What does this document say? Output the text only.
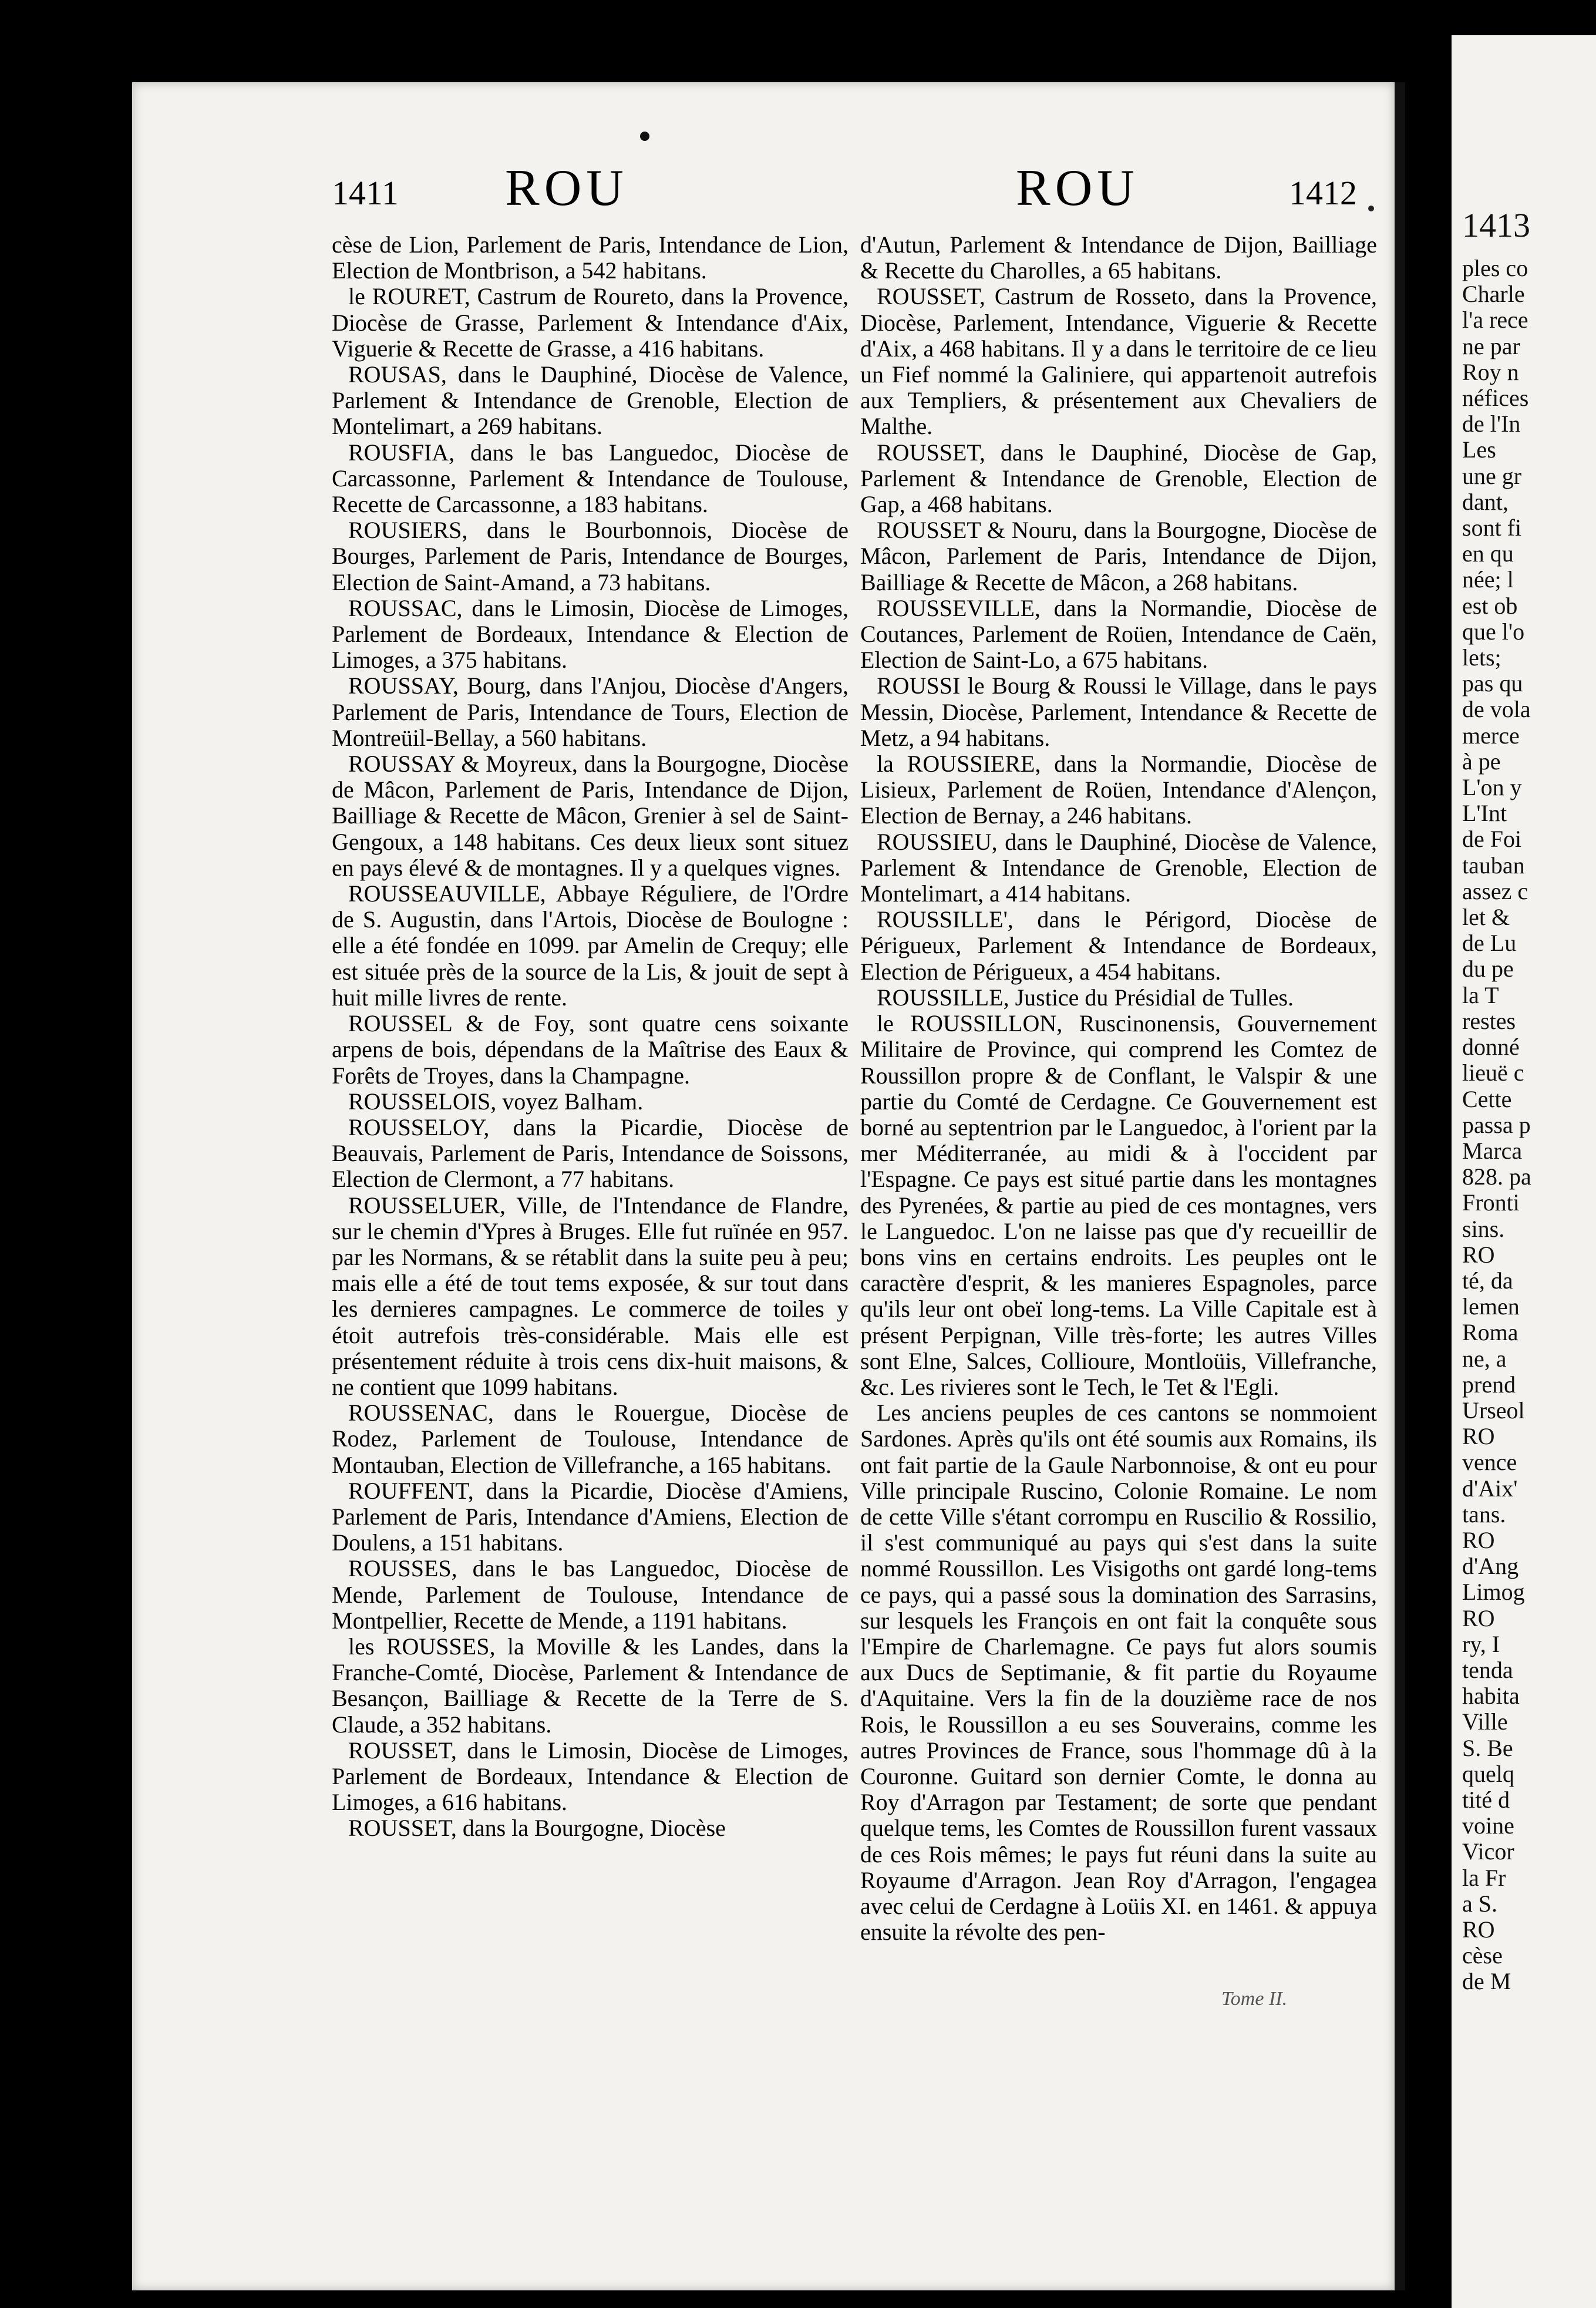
1411 ROU	ROU	1412

cèse de Lion, Parlement de Paris, Intendance de Lion, Election de Montbrison, a 542 habitans.

le ROURET, Castrum de Roureto, dans la Provence, Diocèse de Grasse, Parlement & Intendance d'Aix, Viguerie & Recette de Grasse, a 416 habitans.

ROUSAS, dans le Dauphiné, Diocèse de Valence, Parlement & Intendance de Grenoble, Election de Montelimart, a 269 habitans.

ROUSFIA, dans le bas Languedoc, Diocèse de Carcassonne, Parlement & Intendance de Toulouse, Recette de Carcassonne, a 183 habitans.

ROUSIERS, dans le Bourbonnois, Diocèse de Bourges, Parlement de Paris, Intendance de Bourges, Election de Saint-Amand, a 73 habitans.

ROUSSAC, dans le Limosin, Diocèse de Limoges, Parlement de Bordeaux, Intendance & Election de Limoges, a 375 habitans.

ROUSSAY, Bourg, dans l'Anjou, Diocèse d'Angers, Parlement de Paris, Intendance de Tours, Election de Montreüil-Bellay, a 560 habitans.

ROUSSAY & Moyreux, dans la Bourgogne, Diocèse de Mâcon, Parlement de Paris, Intendance de Dijon, Bailliage & Recette de Mâcon, Grenier à sel de Saint-Gengoux, a 148 habitans. Ces deux lieux sont situez en pays élevé & de montagnes. Il y a quelques vignes.

ROUSSEAUVILLE, Abbaye Réguliere, de l'Ordre de S. Augustin, dans l'Artois, Diocèse de Boulogne : elle a été fondée en 1099. par Amelin de Crequy; elle est située près de la source de la Lis, & jouit de sept à huit mille livres de rente.

ROUSSEL & de Foy, sont quatre cens soixante arpens de bois, dépendans de la Maîtrise des Eaux & Forêts de Troyes, dans la Champagne.

ROUSSELOIS, voyez Balham.

ROUSSELOY, dans la Picardie, Diocèse de Beauvais, Parlement de Paris, Intendance de Soissons, Election de Clermont, a 77 habitans.

ROUSSELUER, Ville, de l'Intendance de Flandre, sur le chemin d'Ypres à Bruges. Elle fut ruïnée en 957. par les Normans, & se rétablit dans la suite peu à peu; mais elle a été de tout tems exposée, & sur tout dans les dernieres campagnes. Le commerce de toiles y étoit autrefois très-considérable. Mais elle est présentement réduite à trois cens dix-huit maisons, & ne contient que 1099 habitans.

ROUSSENAC, dans le Rouergue, Diocèse de Rodez, Parlement de Toulouse, Intendance de Montauban, Election de Villefranche, a 165 habitans.

ROUFFENT, dans la Picardie, Diocèse d'Amiens, Parlement de Paris, Intendance d'Amiens, Election de Doulens, a 151 habitans.

ROUSSES, dans le bas Languedoc, Diocèse de Mende, Parlement de Toulouse, Intendance de Montpellier, Recette de Mende, a 1191 habitans.

les ROUSSES, la Moville & les Landes, dans la Franche-Comté, Diocèse, Parlement & Intendance de Besançon, Bailliage & Recette de la Terre de S. Claude, a 352 habitans.

ROUSSET, dans le Limosin, Diocèse de Limoges, Parlement de Bordeaux, Intendance & Election de Limoges, a 616 habitans.

ROUSSET, dans la Bourgogne, Diocèse

d'Autun, Parlement & Intendance de Dijon, Bailliage & Recette du Charolles, a 65 habitans.

ROUSSET, Castrum de Rosseto, dans la Provence, Diocèse, Parlement, Intendance, Viguerie & Recette d'Aix, a 468 habitans. Il y a dans le territoire de ce lieu un Fief nommé la Galiniere, qui appartenoit autrefois aux Templiers, & présentement aux Chevaliers de Malthe.

ROUSSET, dans le Dauphiné, Diocèse de Gap, Parlement & Intendance de Grenoble, Election de Gap, a 468 habitans.

ROUSSET & Nouru, dans la Bourgogne, Diocèse de Mâcon, Parlement de Paris, Intendance de Dijon, Bailliage & Recette de Mâcon, a 268 habitans.

ROUSSEVILLE, dans la Normandie, Diocèse de Coutances, Parlement de Roüen, Intendance de Caën, Election de Saint-Lo, a 675 habitans.

ROUSSI le Bourg & Roussi le Village, dans le pays Messin, Diocèse, Parlement, Intendance & Recette de Metz, a 94 habitans.

la ROUSSIERE, dans la Normandie, Diocèse de Lisieux, Parlement de Roüen, Intendance d'Alençon, Election de Bernay, a 246 habitans.

ROUSSIEU, dans le Dauphiné, Diocèse de Valence, Parlement & Intendance de Grenoble, Election de Montelimart, a 414 habitans.

ROUSSILLE', dans le Périgord, Diocèse de Périgueux, Parlement & Intendance de Bordeaux, Election de Périgueux, a 454 habitans.

ROUSSILLE, Justice du Présidial de Tulles.

le ROUSSILLON, Ruscinonensis, Gouvernement Militaire de Province, qui comprend les Comtez de Roussillon propre & de Conflant, le Valspir & une partie du Comté de Cerdagne. Ce Gouvernement est borné au septentrion par le Languedoc, à l'orient par la mer Méditerranée, au midi & à l'occident par l'Espagne. Ce pays est situé partie dans les montagnes des Pyrenées, & partie au pied de ces montagnes, vers le Languedoc. L'on ne laisse pas que d'y recueillir de bons vins en certains endroits. Les peuples ont le caractère d'esprit, & les manieres Espagnoles, parce qu'ils leur ont obeï long-tems. La Ville Capitale est à présent Perpignan, Ville très-forte; les autres Villes sont Elne, Salces, Collioure, Montloüis, Villefranche, &c. Les rivieres sont le Tech, le Tet & l'Egli.

Les anciens peuples de ces cantons se nommoient Sardones. Après qu'ils ont été soumis aux Romains, ils ont fait partie de la Gaule Narbonnoise, & ont eu pour Ville principale Ruscino, Colonie Romaine. Le nom de cette Ville s'étant corrompu en Ruscilio & Rossilio, il s'est communiqué au pays qui s'est dans la suite nommé Roussillon. Les Visigoths ont gardé long-tems ce pays, qui a passé sous la domination des Sarrasins, sur lesquels les François en ont fait la conquête sous l'Empire de Charlemagne. Ce pays fut alors soumis aux Ducs de Septimanie, & fit partie du Royaume d'Aquitaine. Vers la fin de la douzième race de nos Rois, le Roussillon a eu ses Souverains, comme les autres Provinces de France, sous l'hommage dû à la Couronne. Guitard son dernier Comte, le donna au Roy d'Arragon par Testament; de sorte que pendant quelque tems, les Comtes de Roussillon furent vassaux de ces Rois mêmes; le pays fut réuni dans la suite au Royaume d'Arragon. Jean Roy d'Arragon, l'engagea avec celui de Cerdagne à Loüis XI. en 1461. & appuya ensuite la révolte des pen-

Tome II.
1413
ples co
Charle
l'a rece
ne par
Roy n
néfices
de l'In
Les
une gr
dant,
sont fi
en qu
née; l
est ob
que l'o
lets;
pas qu
de vola
merce
à pe
L'on y
L'Int
de Foi
tauban
assez c
let &
de Lu
du pe
la T
restes
donné
lieuë c
Cette
passa p
Marca
828. pa
Fronti
sins.
RO
té, da
lemen
Roma
ne, a
prend
Urseol
RO
vence
d'Aix'
tans.
RO
d'Ang
Limog
RO
ry, I
tenda
habita
Ville
S. Be
quelq
tité d
voine
Vicor
la Fr
a S.
RO
cèse
de M
